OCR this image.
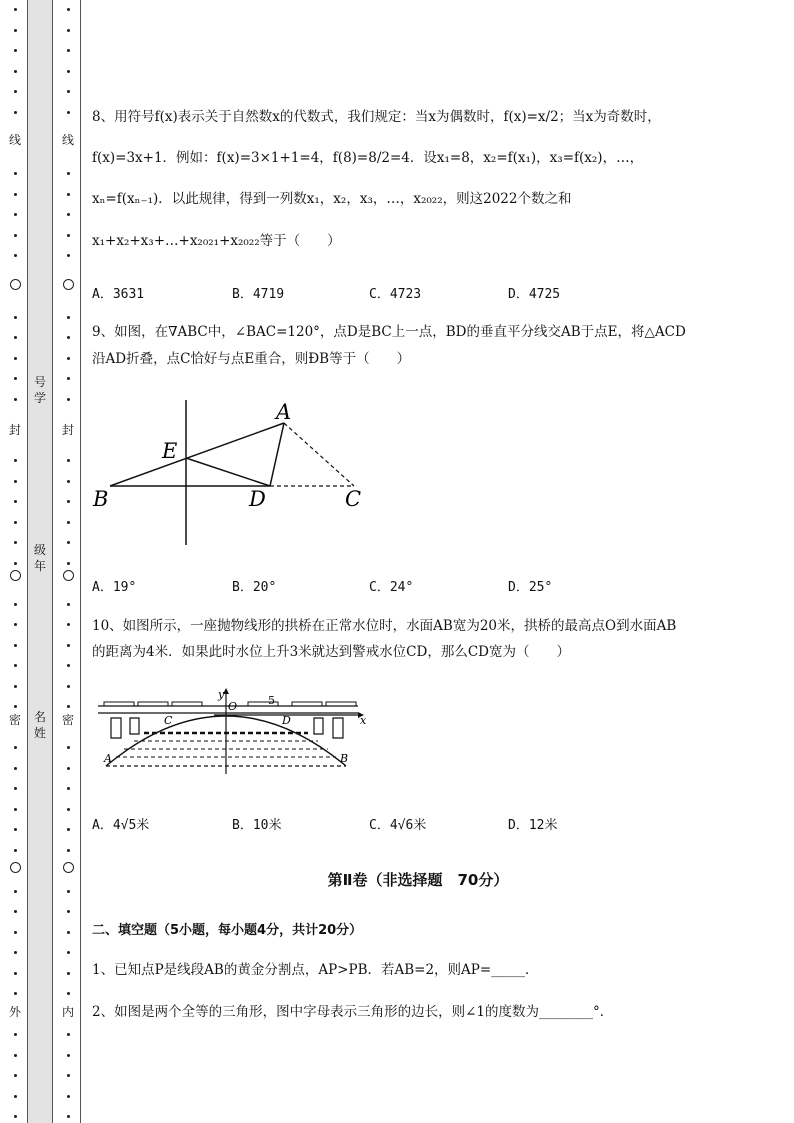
线
封
密
外
号
学
级
年
名
姓
线
封
密
内
8、用符号f(x)表示关于自然数x的代数式，我们规定：当x为偶数时，f(x)=x/2；当x为奇数时，
f(x)=3x+1．例如：f(x)=3×1+1=4，f(8)=8/2=4．设x₁=8，x₂=f(x₁)，x₃=f(x₂)，…，
xₙ=f(xₙ₋₁)．以此规律，得到一列数x₁，x₂，x₃，…，x₂₀₂₂，则这2022个数之和
x₁+x₂+x₃+…+x₂₀₂₁+x₂₀₂₂等于（　　）
A．3631	B．4719	C．4723	D．4725
9、如图，在∇ABC中，∠BAC=120°，点D是BC上一点，BD的垂直平分线交AB于点E，将△ACD
沿AD折叠，点C恰好与点E重合，则ÐB等于（　　）
A
E
B	D	C
A．19°	B．20°	C．24°	D．25°
10、如图所示，一座抛物线形的拱桥在正常水位时，水面AB宽为20米，拱桥的最高点O到水面AB
的距离为4米．如果此时水位上升3米就达到警戒水位CD，那么CD宽为（　　）
y
O	5
C	D	x
A	B
A．4√5米	B．10米	C．4√6米	D．12米
第Ⅱ卷（非选择题　70分）
二、填空题（5小题，每小题4分，共计20分）
1、已知点P是线段AB的黄金分割点，AP>PB．若AB=2，则AP=_____．
2、如图是两个全等的三角形，图中字母表示三角形的边长，则∠1的度数为________°．
